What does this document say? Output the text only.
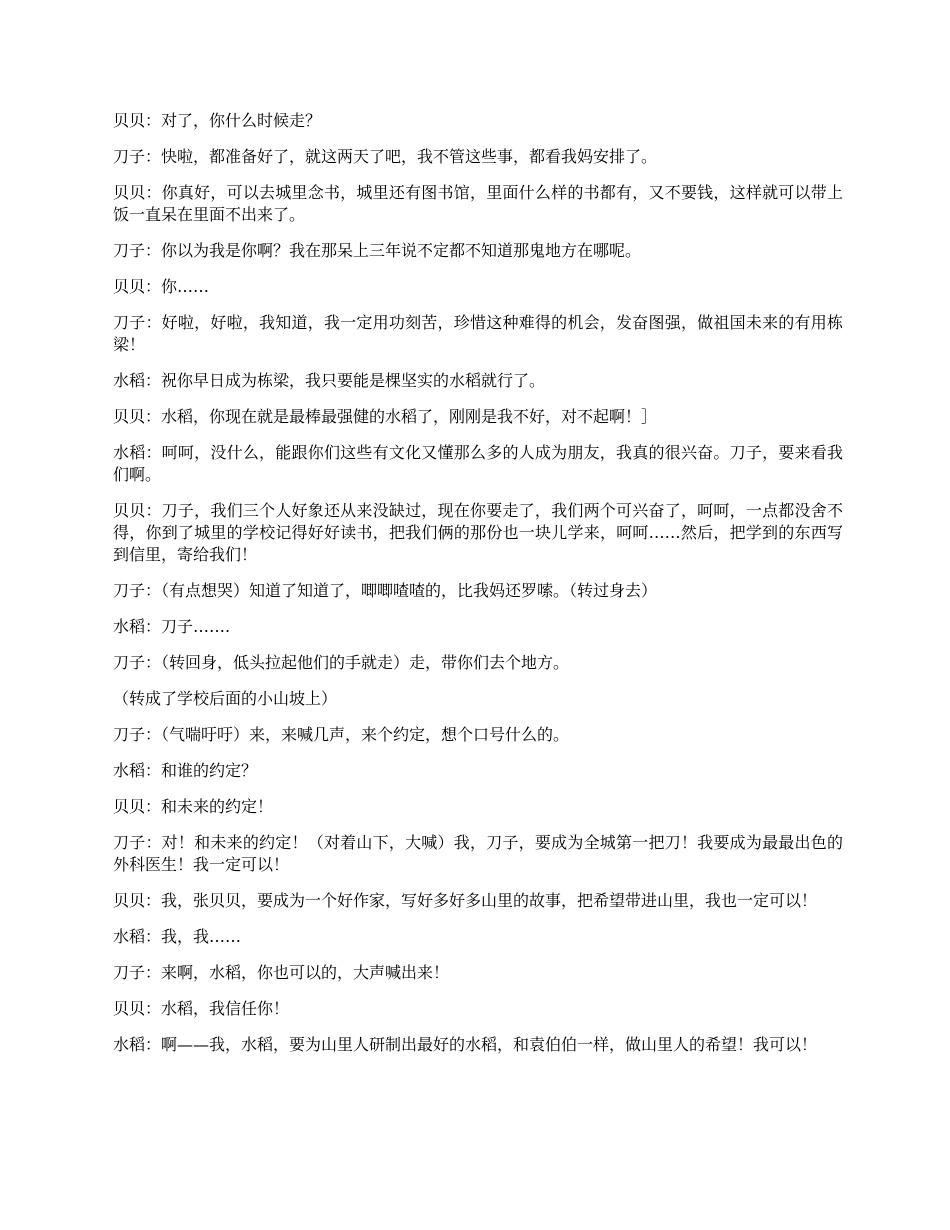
贝贝：对了，你什么时候走？

刀子：快啦，都准备好了，就这两天了吧，我不管这些事，都看我妈安排了。

贝贝：你真好，可以去城里念书，城里还有图书馆，里面什么样的书都有，又不要钱，这样就可以带上饭一直呆在里面不出来了。

刀子：你以为我是你啊？我在那呆上三年说不定都不知道那鬼地方在哪呢。

贝贝：你……

刀子：好啦，好啦，我知道，我一定用功刻苦，珍惜这种难得的机会，发奋图强，做祖国未来的有用栋梁！

水稻：祝你早日成为栋梁，我只要能是棵坚实的水稻就行了。

贝贝：水稻，你现在就是最棒最强健的水稻了，刚刚是我不好，对不起啊！］

水稻：呵呵，没什么，能跟你们这些有文化又懂那么多的人成为朋友，我真的很兴奋。刀子，要来看我们啊。

贝贝：刀子，我们三个人好象还从来没缺过，现在你要走了，我们两个可兴奋了，呵呵，一点都没舍不得，你到了城里的学校记得好好读书，把我们俩的那份也一块儿学来，呵呵……然后，把学到的东西写到信里，寄给我们！

刀子：（有点想哭）知道了知道了，唧唧喳喳的，比我妈还罗嗦。（转过身去）

水稻：刀子…….

刀子：（转回身，低头拉起他们的手就走）走，带你们去个地方。

（转成了学校后面的小山坡上）

刀子：（气喘吁吁）来，来喊几声，来个约定，想个口号什么的。

水稻：和谁的约定？

贝贝：和未来的约定！

刀子：对！和未来的约定！（对着山下，大喊）我，刀子，要成为全城第一把刀！我要成为最最出色的外科医生！我一定可以！

贝贝：我，张贝贝，要成为一个好作家，写好多好多山里的故事，把希望带进山里，我也一定可以！

水稻：我，我……

刀子：来啊，水稻，你也可以的，大声喊出来！

贝贝：水稻，我信任你！

水稻：啊——我，水稻，要为山里人研制出最好的水稻，和袁伯伯一样，做山里人的希望！我可以！
